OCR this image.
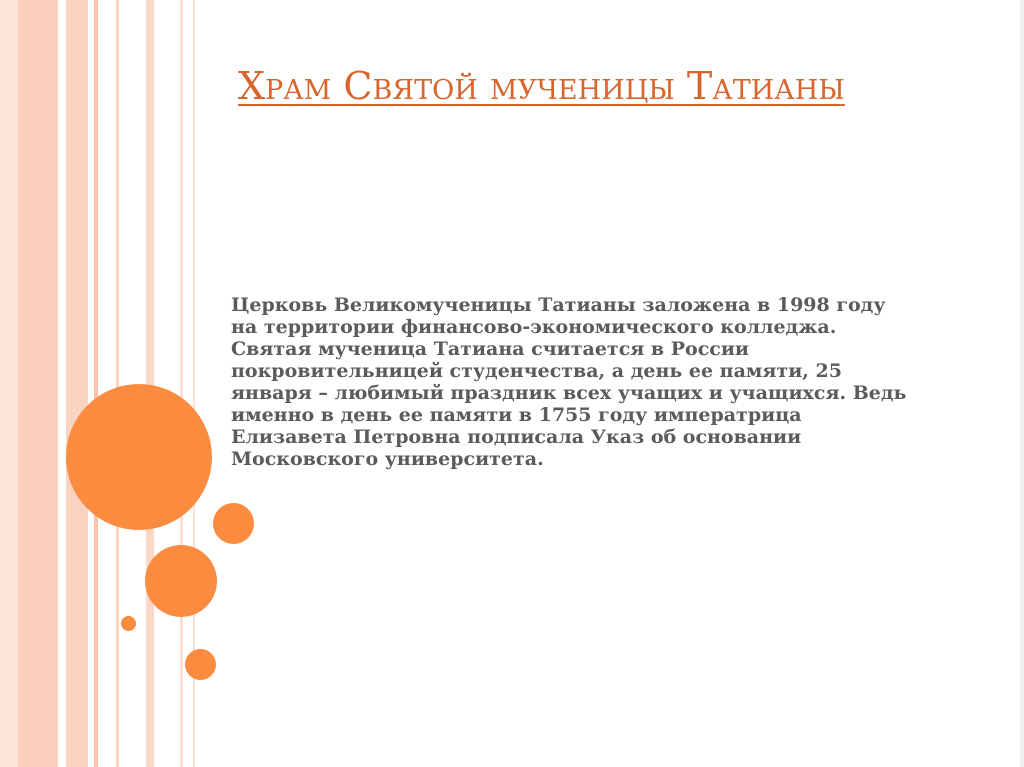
Храм Святой мученицы Татианы

Церковь Великомученицы Татианы заложена в 1998 году на территории финансово-экономического колледжа. Святая мученица Татиана считается в России покровительницей студенчества, а день ее памяти, 25 января – любимый праздник всех учащих и учащихся. Ведь именно в день ее памяти в 1755 году императрица Елизавета Петровна подписала Указ об основании Московского университета.
